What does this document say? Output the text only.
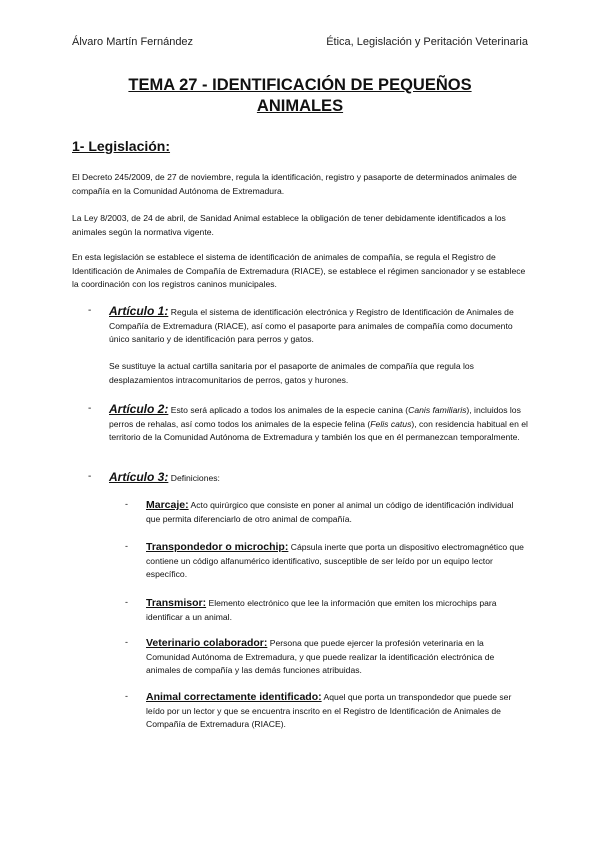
Álvaro Martín Fernández	Ética, Legislación y Peritación Veterinaria
TEMA 27 - IDENTIFICACIÓN DE PEQUEÑOS
ANIMALES
1- Legislación:
El Decreto 245/2009, de 27 de noviembre, regula la identificación, registro y pasaporte de determinados animales de compañía en la Comunidad Autónoma de Extremadura.
La Ley 8/2003, de 24 de abril, de Sanidad Animal establece la obligación de tener debidamente identificados a los animales según la normativa vigente.
En esta legislación se establece el sistema de identificación de animales de compañía, se regula el Registro de Identificación de Animales de Compañía de Extremadura (RIACE), se establece el régimen sancionador y se establece la coordinación con los registros caninos municipales.
- Artículo 1: Regula el sistema de identificación electrónica y Registro de Identificación de Animales de Compañía de Extremadura (RIACE), así como el pasaporte para animales de compañía como documento único sanitario y de identificación para perros y gatos.
Se sustituye la actual cartilla sanitaria por el pasaporte de animales de compañía que regula los desplazamientos intracomunitarios de perros, gatos y hurones.
- Artículo 2: Esto será aplicado a todos los animales de la especie canina (Canis familiaris), incluidos los perros de rehalas, así como todos los animales de la especie felina (Felis catus), con residencia habitual en el territorio de la Comunidad Autónoma de Extremadura y también los que en él permanezcan temporalmente.
- Artículo 3: Definiciones:
- Marcaje: Acto quirúrgico que consiste en poner al animal un código de identificación individual que permita diferenciarlo de otro animal de compañía.
- Transpondedor o microchip: Cápsula inerte que porta un dispositivo electromagnético que contiene un código alfanumérico identificativo, susceptible de ser leído por un equipo lector específico.
- Transmisor: Elemento electrónico que lee la información que emiten los microchips para identificar a un animal.
- Veterinario colaborador: Persona que puede ejercer la profesión veterinaria en la Comunidad Autónoma de Extremadura, y que puede realizar la identificación electrónica de animales de compañía y las demás funciones atribuidas.
- Animal correctamente identificado: Aquel que porta un transpondedor que puede ser leído por un lector y que se encuentra inscrito en el Registro de Identificación de Animales de Compañía de Extremadura (RIACE).
